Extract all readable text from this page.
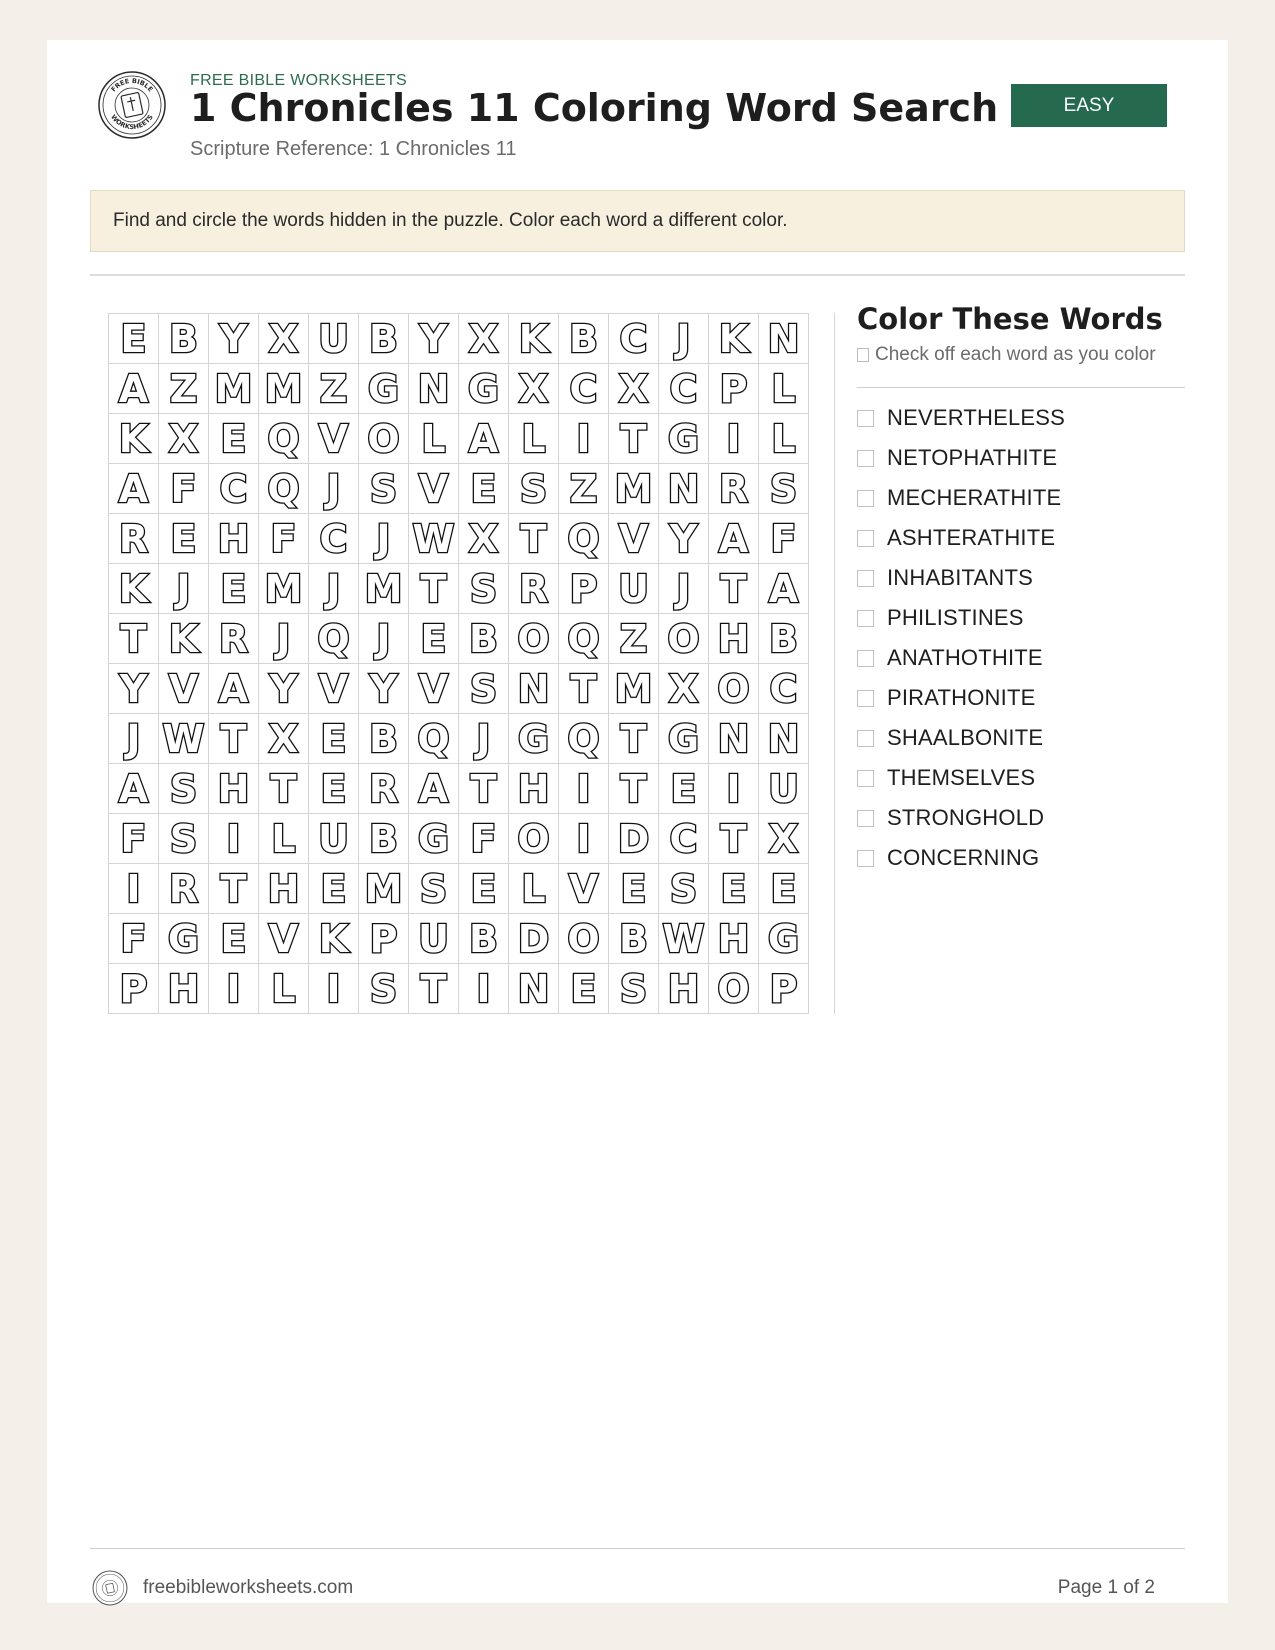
FREE BIBLE
WORKSHEETS
FREE BIBLE WORKSHEETS
1 Chronicles 11 Coloring Word Search
Scripture Reference: 1 Chronicles 11
EASY
Find and circle the words hidden in the puzzle. Color each word a different color.
E B Y X U B Y X K B C J K N
A Z M M Z G N G X C X C P L
K X E Q V O L A L I T G I L
A F C Q J S V E S Z M N R S
R E H F C J W X T Q V Y A F
K J E M J M T S R P U J T A
T K R J Q J E B O Q Z O H B
Y V A Y V Y V S N T M X O C
J W T X E B Q J G Q T G N N
A S H T E R A T H I T E I U
F S I L U B G F O I D C T X
I R T H E M S E L V E S E E
F G E V K P U B D O B W H G
P H I L I S T I N E S H O P
Color These Words
Check off each word as you color
NEVERTHELESS
NETOPHATHITE
MECHERATHITE
ASHTERATHITE
INHABITANTS
PHILISTINES
ANATHOTHITE
PIRATHONITE
SHAALBONITE
THEMSELVES
STRONGHOLD
CONCERNING
freebibleworksheets.com	Page 1 of 2
